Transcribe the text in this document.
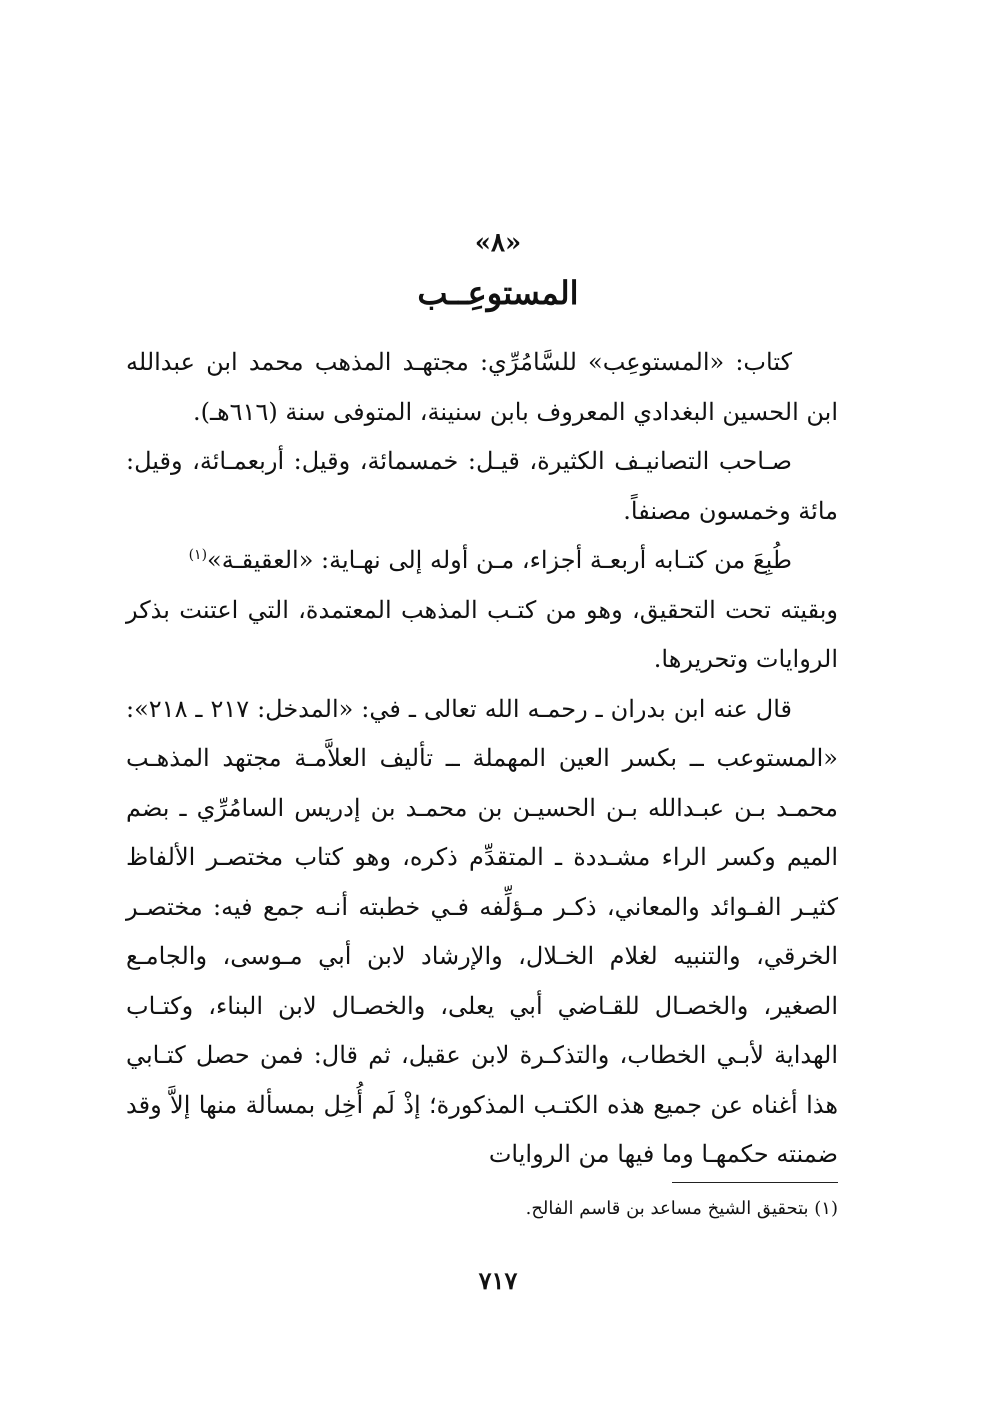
«٨»
المستوعِــب

كتاب: «المستوعِب» للسَّامُرِّي: مجتهـد المذهب محمد ابن عبدالله ابن الحسين البغدادي المعروف بابن سنينة، المتوفى سنة (٦١٦هـ).

صـاحب التصانيـف الكثيرة، قيـل: خمسمائة، وقيل: أربعمـائة، وقيل: مائة وخمسون مصنفاً.

طُبِعَ من كتـابه أربعـة أجزاء، مـن أوله إلى نهـاية: «العقيقـة»$^{(١)}$

وبقيته تحت التحقيق، وهو من كتـب المذهب المعتمدة، التي اعتنت بذكر الروايات وتحريرها.

قال عنه ابن بدران ـ رحمـه الله تعالى ـ في: «المدخل: ٢١٧ ـ ٢١٨»: «المستوعب ــ بكسر العين المهملة ــ تأليف العلاَّمـة مجتهد المذهـب محمـد بـن عبـدالله بـن الحسيـن بن محمـد بن إدريس السامُرِّي ـ بضم الميم وكسر الراء مشـددة ـ المتقدِّم ذكره، وهو كتاب مختصـر الألفاظ كثيـر الفـوائد والمعاني، ذكـر مـؤلِّفه فـي خطبته أنـه جمع فيه: مختصـر الخرقي، والتنبيه لغلام الخـلال، والإرشاد لابن أبي مـوسى، والجامـع الصغير، والخصـال للقـاضي أبي يعلى، والخصـال لابن البناء، وكتـاب الهداية لأبـي الخطاب، والتذكـرة لابن عقيل، ثم قال: فمن حصل كتـابي هذا أغناه عن جميع هذه الكتـب المذكورة؛ إذْ لَم أُخِل بمسألة منها إلاَّ وقد ضمنته حكمهـا وما فيها من الروايات

(١) بتحقيق الشيخ مساعد بن قاسم الفالح.
٧١٧
